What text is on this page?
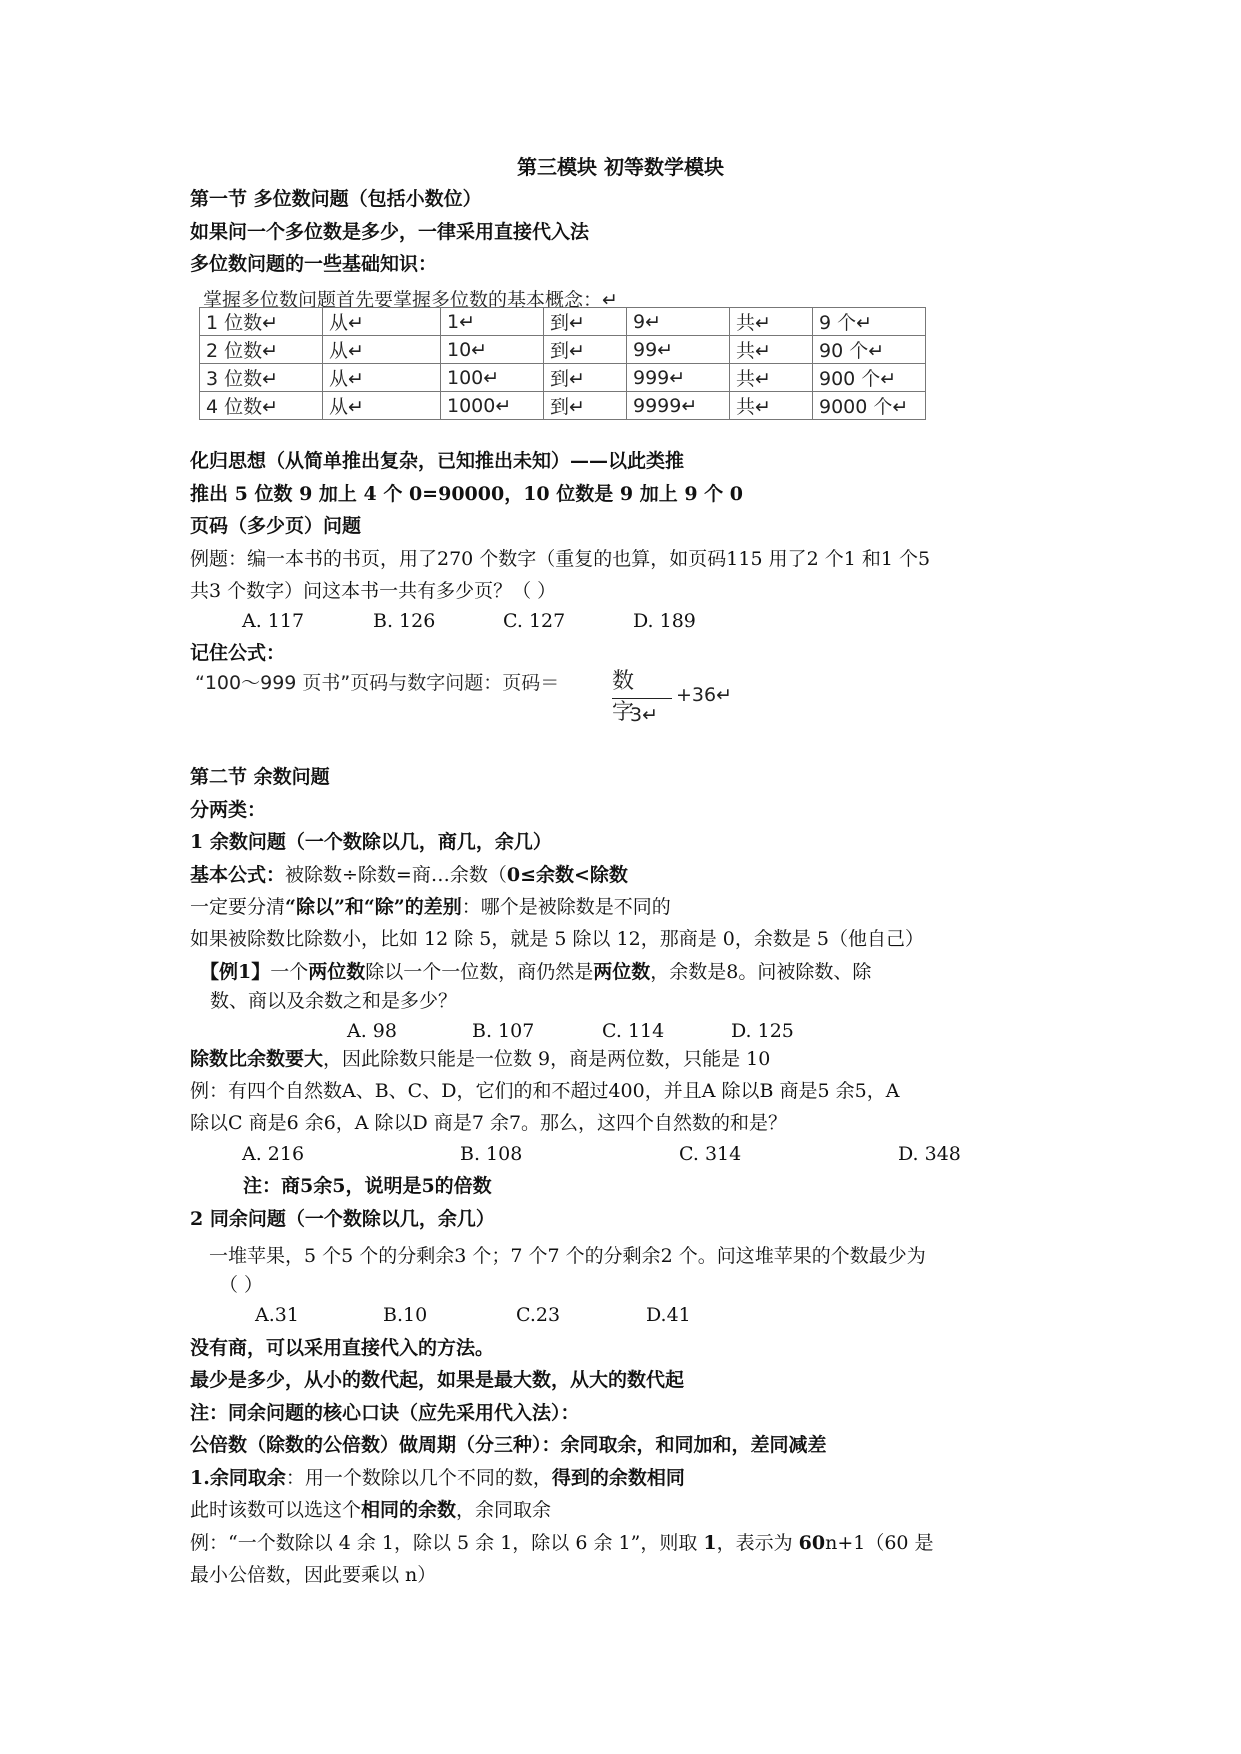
第三模块 初等数学模块
第一节 多位数问题（包括小数位）
如果问一个多位数是多少，一律采用直接代入法
多位数问题的一些基础知识：
掌握多位数问题首先要掌握多位数的基本概念：↵
1 位数↵	从↵	1↵	到↵	9↵	共↵	9 个↵
2 位数↵	从↵	10↵	到↵	99↵	共↵	90 个↵
3 位数↵	从↵	100↵	到↵	999↵	共↵	900 个↵
4 位数↵	从↵	1000↵	到↵	9999↵	共↵	9000 个↵
化归思想（从简单推出复杂，已知推出未知）——以此类推
推出 5 位数 9 加上 4 个 0=90000，10 位数是 9 加上 9 个 0
页码（多少页）问题
例题：编一本书的书页，用了270 个数字（重复的也算，如页码115 用了2 个1 和1 个5
共3 个数字）问这本书一共有多少页？（ ）
A. 117	B. 126	C. 127	D. 189
记住公式：
“100～999 页书”页码与数字问题：页码＝ 数字
3↵
+36↵
第二节 余数问题
分两类：
1 余数问题（一个数除以几，商几，余几）
基本公式：被除数÷除数=商…余数（0≤余数<除数
一定要分清“除以”和“除”的差别：哪个是被除数是不同的
如果被除数比除数小，比如 12 除 5，就是 5 除以 12，那商是 0，余数是 5（他自己）
【例1】一个两位数除以一个一位数，商仍然是两位数，余数是8。问被除数、除
数、商以及余数之和是多少？
A. 98	B. 107	C. 114	D. 125
除数比余数要大，因此除数只能是一位数 9，商是两位数，只能是 10
例：有四个自然数A、B、C、D，它们的和不超过400，并且A 除以B 商是5 余5，A
除以C 商是6 余6，A 除以D 商是7 余7。那么，这四个自然数的和是？
A. 216	B. 108	C. 314	D. 348
注：商5余5，说明是5的倍数
2 同余问题（一个数除以几，余几）
一堆苹果，5 个5 个的分剩余3 个；7 个7 个的分剩余2 个。问这堆苹果的个数最少为
（ ）
A.31	B.10	C.23	D.41
没有商，可以采用直接代入的方法。
最少是多少，从小的数代起，如果是最大数，从大的数代起
注：同余问题的核心口诀（应先采用代入法）：
公倍数（除数的公倍数）做周期（分三种）：余同取余，和同加和，差同减差
1.余同取余：用一个数除以几个不同的数，得到的余数相同
此时该数可以选这个相同的余数，余同取余
例：“一个数除以 4 余 1，除以 5 余 1，除以 6 余 1”，则取 1，表示为 60n+1（60 是
最小公倍数，因此要乘以 n）
